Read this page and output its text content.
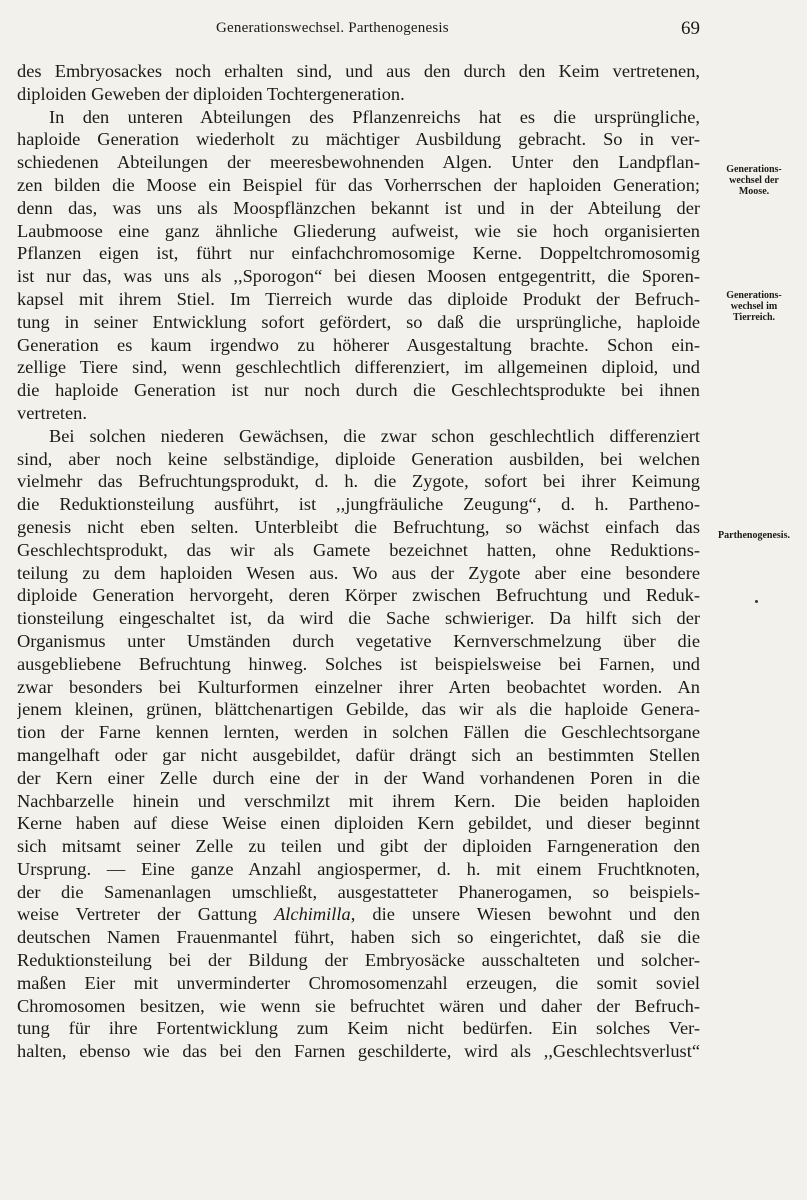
Generationswechsel. Parthenogenesis	69
des Embryosackes noch erhalten sind, und aus den durch den Keim vertretenen,
diploiden Geweben der diploiden Tochtergeneration.
In den unteren Abteilungen des Pflanzenreichs hat es die ursprüngliche,
haploide Generation wiederholt zu mächtiger Ausbildung gebracht. So in ver-
schiedenen Abteilungen der meeresbewohnenden Algen. Unter den Landpflan-
zen bilden die Moose ein Beispiel für das Vorherrschen der haploiden Generation;
denn das, was uns als Moospflänzchen bekannt ist und in der Abteilung der
Laubmoose eine ganz ähnliche Gliederung aufweist, wie sie hoch organisierten
Pflanzen eigen ist, führt nur einfachchromosomige Kerne. Doppeltchromosomig
ist nur das, was uns als ,,Sporogon“ bei diesen Moosen entgegentritt, die Sporen-
kapsel mit ihrem Stiel. Im Tierreich wurde das diploide Produkt der Befruch-
tung in seiner Entwicklung sofort gefördert, so daß die ursprüngliche, haploide
Generation es kaum irgendwo zu höherer Ausgestaltung brachte. Schon ein-
zellige Tiere sind, wenn geschlechtlich differenziert, im allgemeinen diploid, und
die haploide Generation ist nur noch durch die Geschlechtsprodukte bei ihnen
vertreten.
Bei solchen niederen Gewächsen, die zwar schon geschlechtlich differenziert
sind, aber noch keine selbständige, diploide Generation ausbilden, bei welchen
vielmehr das Befruchtungsprodukt, d. h. die Zygote, sofort bei ihrer Keimung
die Reduktionsteilung ausführt, ist ,,jungfräuliche Zeugung“, d. h. Partheno-
genesis nicht eben selten. Unterbleibt die Befruchtung, so wächst einfach das
Geschlechtsprodukt, das wir als Gamete bezeichnet hatten, ohne Reduktions-
teilung zu dem haploiden Wesen aus. Wo aus der Zygote aber eine besondere
diploide Generation hervorgeht, deren Körper zwischen Befruchtung und Reduk-
tionsteilung eingeschaltet ist, da wird die Sache schwieriger. Da hilft sich der
Organismus unter Umständen durch vegetative Kernverschmelzung über die
ausgebliebene Befruchtung hinweg. Solches ist beispielsweise bei Farnen, und
zwar besonders bei Kulturformen einzelner ihrer Arten beobachtet worden. An
jenem kleinen, grünen, blättchenartigen Gebilde, das wir als die haploide Genera-
tion der Farne kennen lernten, werden in solchen Fällen die Geschlechtsorgane
mangelhaft oder gar nicht ausgebildet, dafür drängt sich an bestimmten Stellen
der Kern einer Zelle durch eine der in der Wand vorhandenen Poren in die
Nachbarzelle hinein und verschmilzt mit ihrem Kern. Die beiden haploiden
Kerne haben auf diese Weise einen diploiden Kern gebildet, und dieser beginnt
sich mitsamt seiner Zelle zu teilen und gibt der diploiden Farngeneration den
Ursprung. — Eine ganze Anzahl angiospermer, d. h. mit einem Fruchtknoten,
der die Samenanlagen umschließt, ausgestatteter Phanerogamen, so beispiels-
weise Vertreter der Gattung Alchimilla, die unsere Wiesen bewohnt und den
deutschen Namen Frauenmantel führt, haben sich so eingerichtet, daß sie die
Reduktionsteilung bei der Bildung der Embryosäcke ausschalteten und solcher-
maßen Eier mit unverminderter Chromosomenzahl erzeugen, die somit soviel
Chromosomen besitzen, wie wenn sie befruchtet wären und daher der Befruch-
tung für ihre Fortentwicklung zum Keim nicht bedürfen. Ein solches Ver-
halten, ebenso wie das bei den Farnen geschilderte, wird als ,,Geschlechtsverlust“
Generations-
wechsel der
Moose.
Generations-
wechsel im
Tierreich.
Parthenogenesis.
